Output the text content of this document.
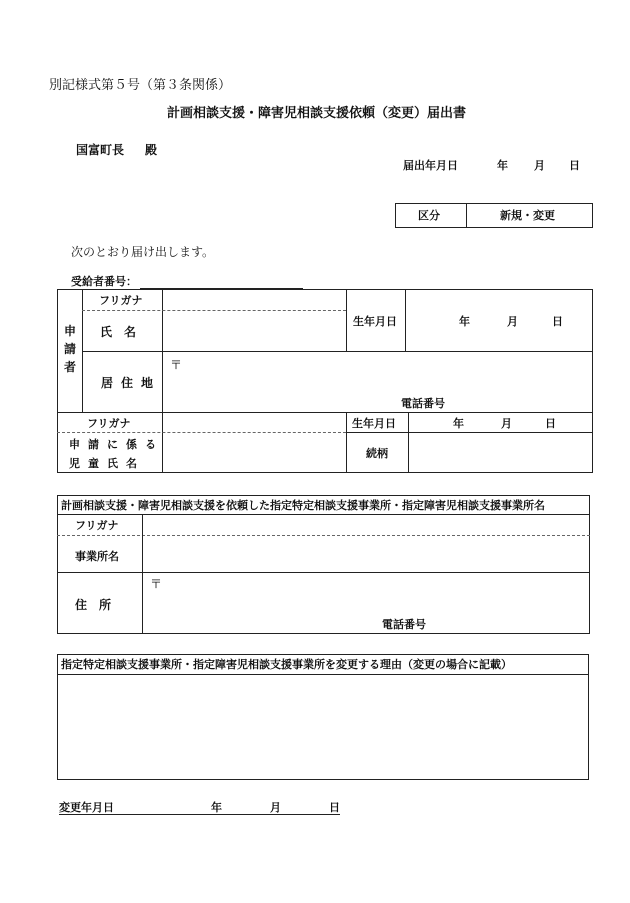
別記様式第５号（第３条関係）
計画相談支援・障害児相談支援依頼（変更）届出書
国富町長 殿
届出年月日	年 月 日
区分	新規・変更
次のとおり届け出します。
受給者番号：
申
請
者
フリガナ
氏　名
生年月日	年	月	日
居住地
〒
電話番号
フリガナ
申請に係る
児童氏名
生年月日	年	月	日
続柄
計画相談支援・障害児相談支援を依頼した指定特定相談支援事業所・指定障害児相談支援事業所名
フリガナ
事業所名
住　所
〒
電話番号
指定特定相談支援事業所・指定障害児相談支援事業所を変更する理由（変更の場合に記載）
変更年月日	年	月	日
